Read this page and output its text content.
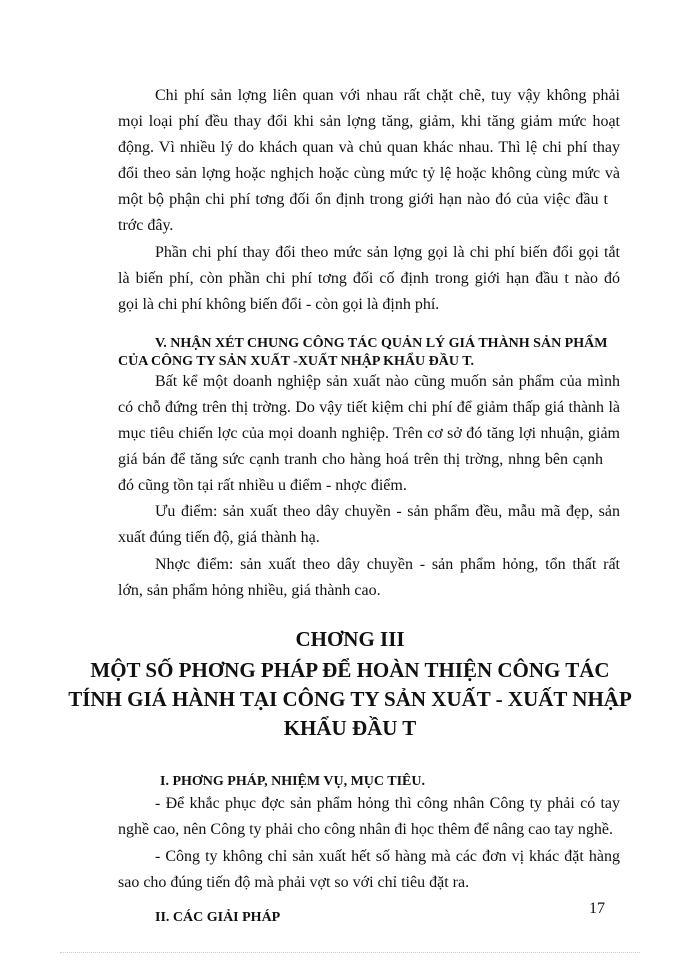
Chi phí sản lợng liên quan với nhau rất chặt chẽ, tuy vậy không phải
mọi loại phí đều thay đổi khi sản lợng tăng, giảm, khi tăng giảm mức hoạt
động. Vì nhiều lý do khách quan và chủ quan khác nhau. Thì lệ chi phí thay
đổi theo sản lợng hoặc nghịch hoặc cùng mức tỷ lệ hoặc không cùng mức và
một bộ phận chi phí tơng đối ổn định trong giới hạn nào đó của việc đầu t
trớc đây.
Phần chi phí thay đổi theo mức sản lợng gọi là chi phí biến đổi gọi tắt
là biến phí, còn phần chi phí tơng đối cố định trong giới hạn đầu t nào đó
gọi là chi phí không biến đổi - còn gọi là định phí.
V. NHẬN XÉT CHUNG CÔNG TÁC QUẢN LÝ GIÁ THÀNH SẢN PHẨM
CỦA CÔNG TY SẢN XUẤT -XUẤT NHẬP KHẨU ĐẦU T.
Bất kể một doanh nghiệp sản xuất nào cũng muốn sản phẩm của mình
có chỗ đứng trên thị trờng. Do vậy tiết kiệm chi phí để giảm thấp giá thành là
mục tiêu chiến lợc của mọi doanh nghiệp. Trên cơ sở đó tăng lợi nhuận, giảm
giá bán để tăng sức cạnh tranh cho hàng hoá trên thị trờng, nhng bên cạnh
đó cũng tồn tại rất nhiều u điểm - nhợc điểm.
Ưu điểm: sản xuất theo dây chuyền - sản phẩm đều, mẫu mã đẹp, sản
xuất đúng tiến độ, giá thành hạ.
Nhợc điểm: sản xuất theo dây chuyền - sản phẩm hỏng, tổn thất rất
lớn, sản phẩm hỏng nhiều, giá thành cao.
CHƠNG III
MỘT SỐ PHƠNG PHÁP ĐỂ HOÀN THIỆN CÔNG TÁC
TÍNH GIÁ HÀNH TẠI CÔNG TY SẢN XUẤT - XUẤT NHẬP
KHẨU ĐẦU T
I. PHƠNG PHÁP, NHIỆM VỤ, MỤC TIÊU.
- Để khắc phục đợc sản phẩm hỏng thì công nhân Công ty phải có tay
nghề cao, nên Công ty phải cho công nhân đi học thêm để nâng cao tay nghề.
- Công ty không chỉ sản xuất hết số hàng mà các đơn vị khác đặt hàng
sao cho đúng tiến độ mà phải vợt so với chỉ tiêu đặt ra.
II. CÁC GIẢI PHÁP
17
